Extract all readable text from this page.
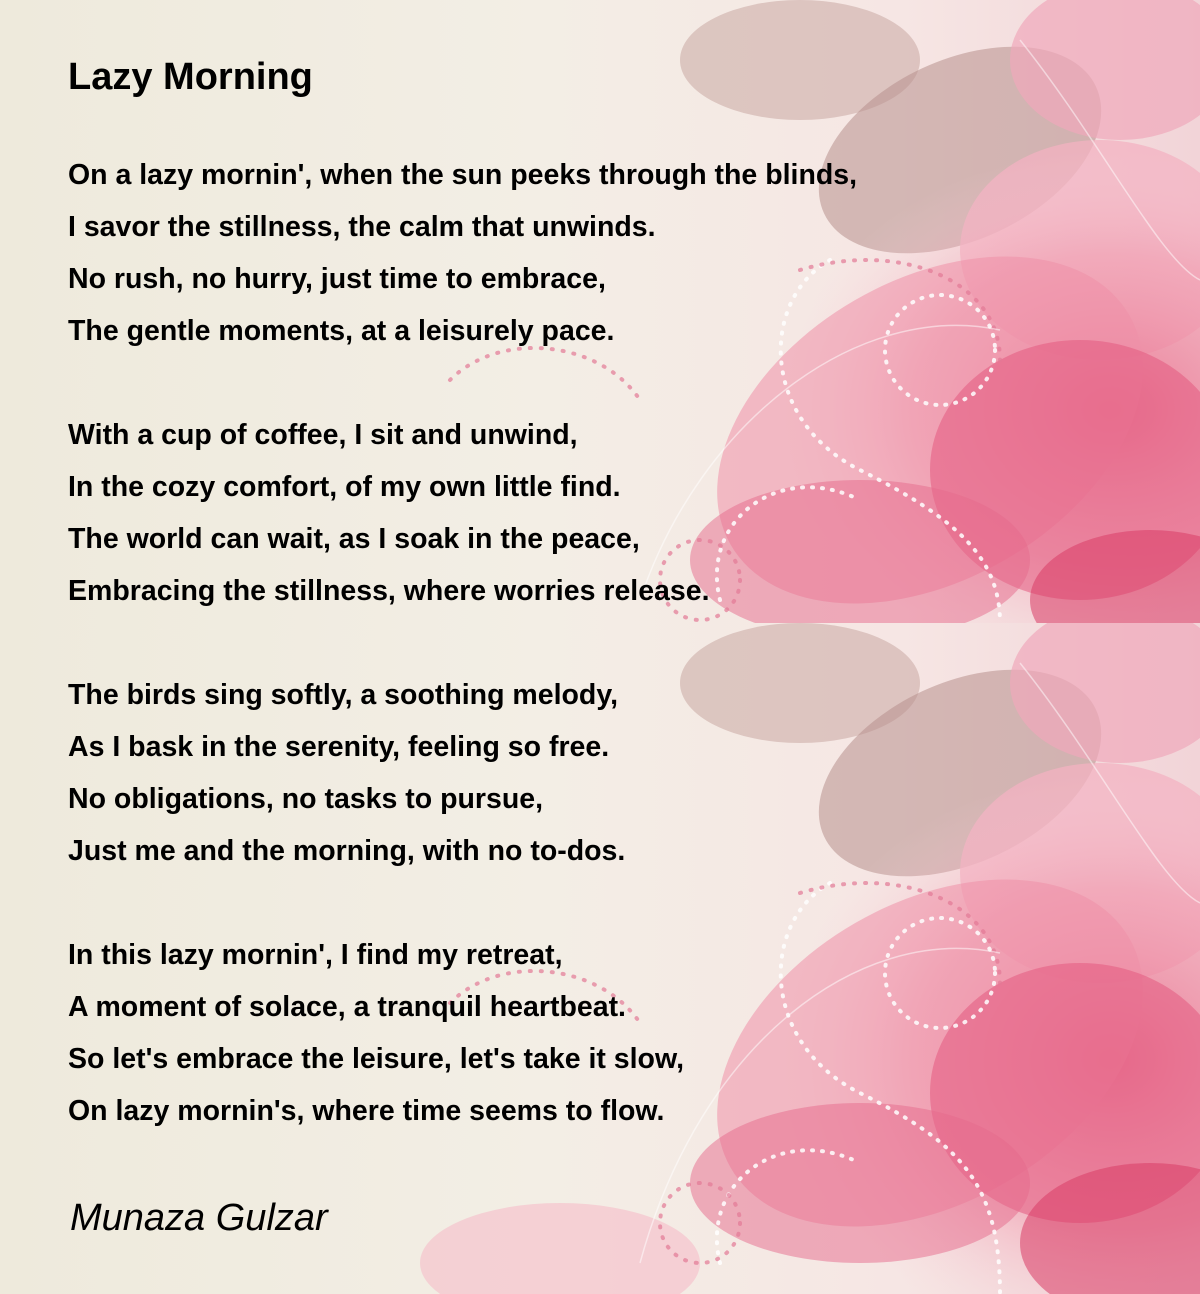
Lazy Morning
On a lazy mornin', when the sun peeks through the blinds,
I savor the stillness, the calm that unwinds.
No rush, no hurry, just time to embrace,
The gentle moments, at a leisurely pace.
With a cup of coffee, I sit and unwind,
In the cozy comfort, of my own little find.
The world can wait, as I soak in the peace,
Embracing the stillness, where worries release.
The birds sing softly, a soothing melody,
As I bask in the serenity, feeling so free.
No obligations, no tasks to pursue,
Just me and the morning, with no to-dos.
In this lazy mornin', I find my retreat,
A moment of solace, a tranquil heartbeat.
So let's embrace the leisure, let's take it slow,
On lazy mornin's, where time seems to flow.
Munaza Gulzar
